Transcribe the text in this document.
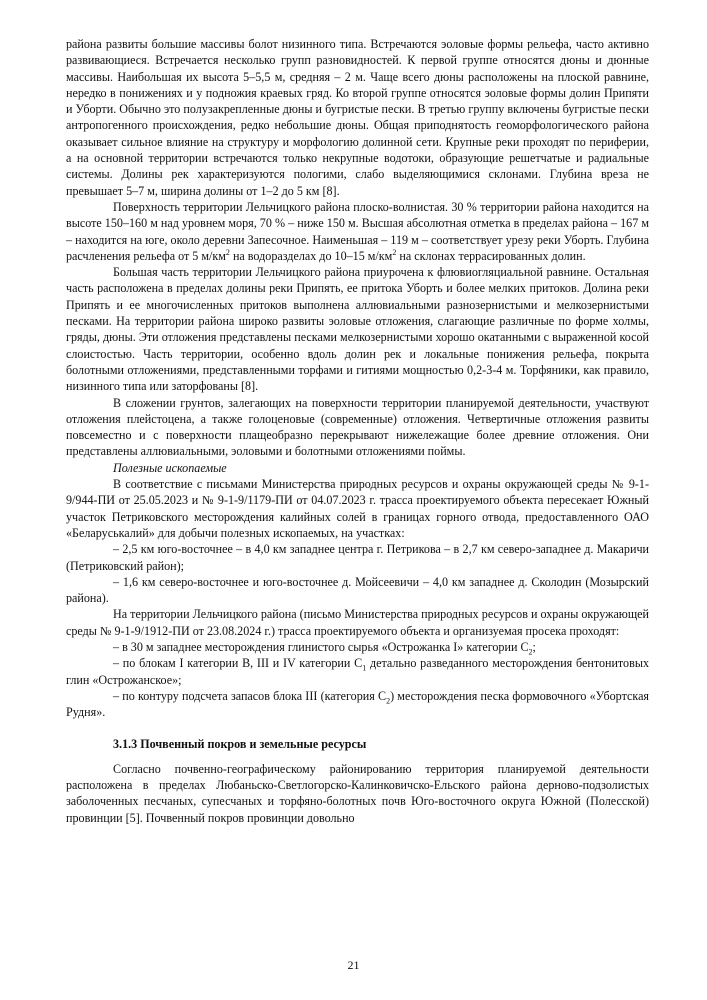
района развиты большие массивы болот низинного типа. Встречаются эоловые формы рельефа, часто активно развивающиеся. Встречается несколько групп разновидностей. К первой группе относятся дюны и дюнные массивы. Наибольшая их высота 5–5,5 м, средняя – 2 м. Чаще всего дюны расположены на плоской равнине, нередко в понижениях и у подножия краевых гряд. Ко второй группе относятся эоловые формы долин Припяти и Уборти. Обычно это полузакрепленные дюны и бугристые пески. В третью группу включены бугристые пески антропогенного происхождения, редко небольшие дюны. Общая приподнятость геоморфологического района оказывает сильное влияние на структуру и морфологию долинной сети. Крупные реки проходят по периферии, а на основной территории встречаются только некрупные водотоки, образующие решетчатые и радиальные системы. Долины рек характеризуются пологими, слабо выделяющимися склонами. Глубина вреза не превышает 5–7 м, ширина долины от 1–2 до 5 км [8].

Поверхность территории Лельчицкого района плоско-волнистая. 30 % территории района находится на высоте 150–160 м над уровнем моря, 70 % – ниже 150 м. Высшая абсолютная отметка в пределах района – 167 м – находится на юге, около деревни Запесочное. Наименьшая – 119 м – соответствует урезу реки Уборть. Глубина расчленения рельефа от 5 $м/км^2$ на водоразделах до 10–15 $м/км^2$ на склонах террасированных долин.

Большая часть территории Лельчицкого района приурочена к флювиогляциальной равнине. Остальная часть расположена в пределах долины реки Припять, ее притока Уборть и более мелких притоков. Долина реки Припять и ее многочисленных притоков выполнена аллювиальными разнозернистыми и мелкозернистыми песками. На территории района широко развиты эоловые отложения, слагающие различные по форме холмы, гряды, дюны. Эти отложения представлены песками мелкозернистыми хорошо окатанными с выраженной косой слоистостью. Часть территории, особенно вдоль долин рек и локальные понижения рельефа, покрыта болотными отложениями, представленными торфами и гитиями мощностью 0,2-3-4 м. Торфяники, как правило, низинного типа или заторфованы [8].

В сложении грунтов, залегающих на поверхности территории планируемой деятельности, участвуют отложения плейстоцена, а также голоценовые (современные) отложения. Четвертичные отложения развиты повсеместно и с поверхности плащеобразно перекрывают нижележащие более древние отложения. Они представлены аллювиальными, эоловыми и болотными отложениями поймы.

Полезные ископаемые

В соответствие с письмами Министерства природных ресурсов и охраны окружающей среды № 9-1-9/944-ПИ от 25.05.2023 и № 9-1-9/1179-ПИ от 04.07.2023 г. трасса проектируемого объекта пересекает Южный участок Петриковского месторождения калийных солей в границах горного отвода, предоставленного ОАО «Беларуськалий» для добычи полезных ископаемых, на участках:

– 2,5 км юго-восточнее – в 4,0 км западнее центра г. Петрикова – в 2,7 км северо-западнее д. Макаричи (Петриковский район);

– 1,6 км северо-восточнее и юго-восточнее д. Мойсеевичи – 4,0 км западнее д. Сколодин (Мозырский района).

На территории Лельчицкого района (письмо Министерства природных ресурсов и охраны окружающей среды № 9-1-9/1912-ПИ от 23.08.2024 г.) трасса проектируемого объекта и организуемая просека проходят:

– в 30 м западнее месторождения глинистого сырья «Острожанка I» категории $С_2$;

– по блокам I категории В, III и IV категории $С_1$ детально разведанного месторождения бентонитовых глин «Острожанское»;

– по контуру подсчета запасов блока III (категория $С_2$) месторождения песка формовочного «Убортская Рудня».

3.1.3 Почвенный покров и земельные ресурсы

Согласно почвенно-географическому районированию территория планируемой деятельности расположена в пределах Любаньско-Светлогорско-Калинковичско-Ельского района дерново-подзолистых заболоченных песчаных, супесчаных и торфяно-болотных почв Юго-восточного округа Южной (Полесской) провинции [5]. Почвенный покров провинции довольно

21
